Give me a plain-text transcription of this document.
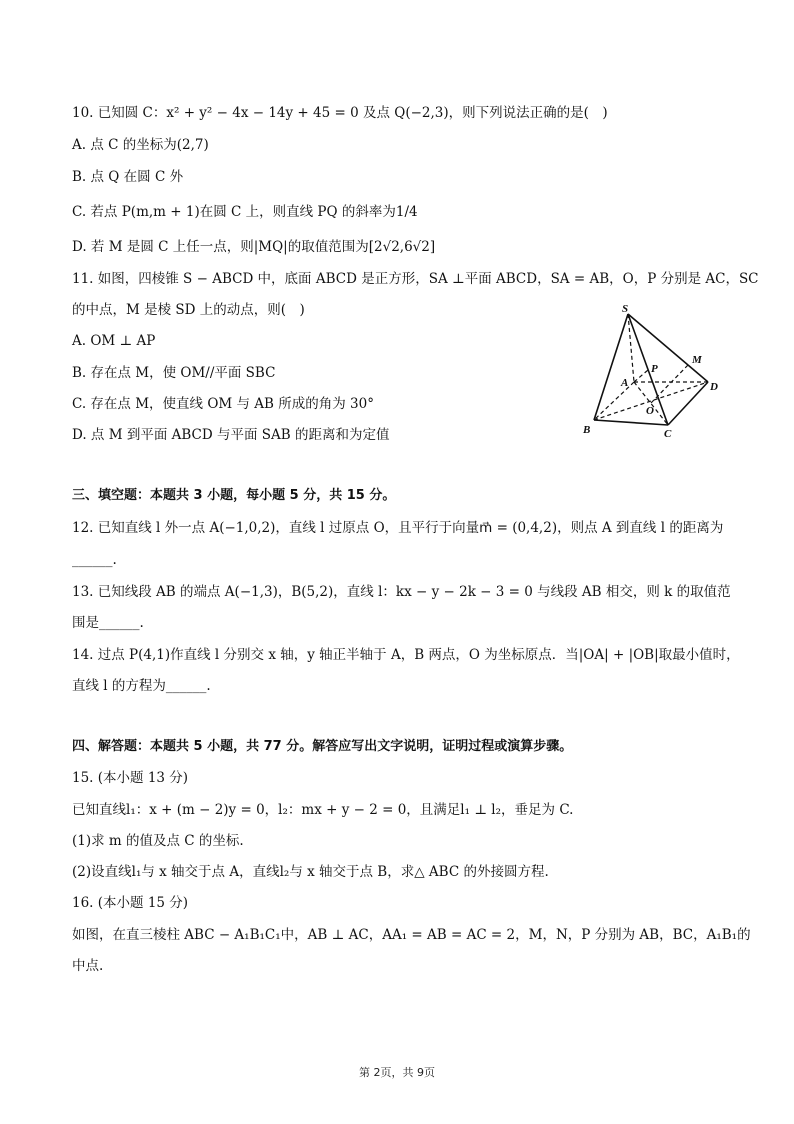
10. 已知圆 C：x² + y² − 4x − 14y + 45 = 0 及点 Q(−2,3)，则下列说法正确的是(　)
A. 点 C 的坐标为(2,7)
B. 点 Q 在圆 C 外
C. 若点 P(m,m + 1)在圆 C 上，则直线 PQ 的斜率为1/4
D. 若 M 是圆 C 上任一点，则|MQ|的取值范围为[2√2,6√2]
11. 如图，四棱锥 S − ABCD 中，底面 ABCD 是正方形，SA ⊥平面 ABCD，SA = AB，O，P 分别是 AC，SC
的中点，M 是棱 SD 上的动点，则(　)
A. OM ⊥ AP
B. 存在点 M，使 OM//平面 SBC
C. 存在点 M，使直线 OM 与 AB 所成的角为 30°
D. 点 M 到平面 ABCD 与平面 SAB 的距离和为定值
S
M
P
A	D
O
B	C
三、填空题：本题共 3 小题，每小题 5 分，共 15 分。
12. 已知直线 l 外一点 A(−1,0,2)，直线 l 过原点 O，且平行于向量m⃗ = (0,4,2)，则点 A 到直线 l 的距离为
______.
13. 已知线段 AB 的端点 A(−1,3)，B(5,2)，直线 l：kx − y − 2k − 3 = 0 与线段 AB 相交，则 k 的取值范
围是______.
14. 过点 P(4,1)作直线 l 分别交 x 轴，y 轴正半轴于 A，B 两点，O 为坐标原点．当|OA| + |OB|取最小值时，
直线 l 的方程为______.
四、解答题：本题共 5 小题，共 77 分。解答应写出文字说明，证明过程或演算步骤。
15. (本小题 13 分)
已知直线l₁：x + (m − 2)y = 0，l₂：mx + y − 2 = 0，且满足l₁ ⊥ l₂，垂足为 C.
(1)求 m 的值及点 C 的坐标.
(2)设直线l₁与 x 轴交于点 A，直线l₂与 x 轴交于点 B，求△ ABC 的外接圆方程.
16. (本小题 15 分)
如图，在直三棱柱 ABC − A₁B₁C₁中，AB ⊥ AC，AA₁ = AB = AC = 2，M，N，P 分别为 AB，BC，A₁B₁的
中点.
第 2页，共 9页
